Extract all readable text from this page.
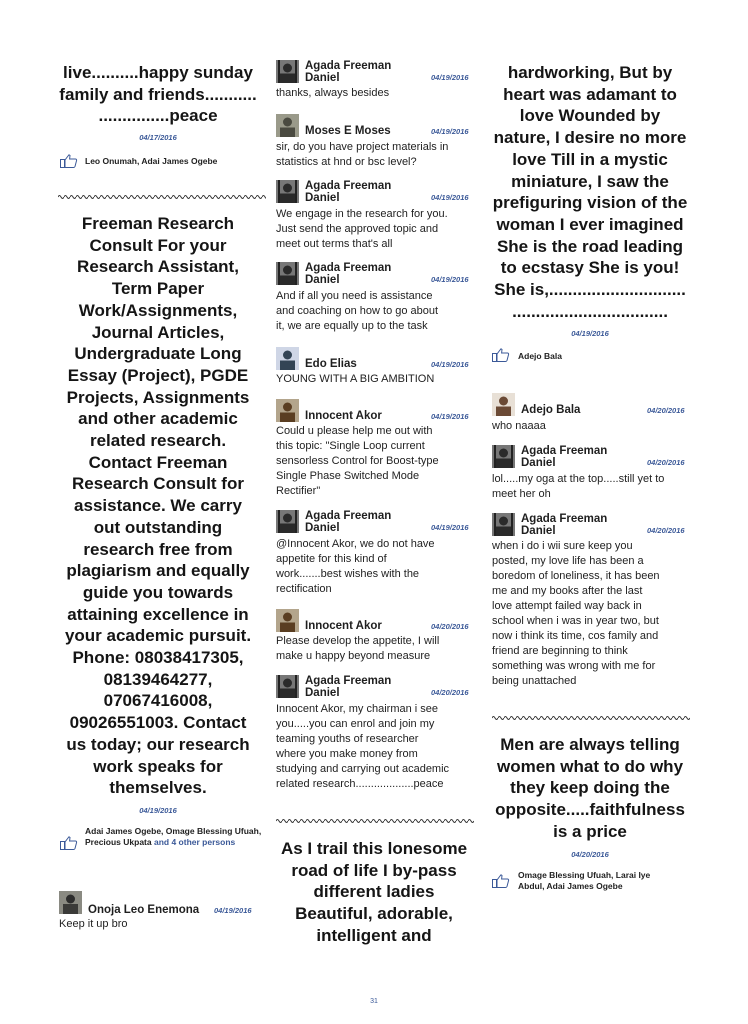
live..........happy sunday
family and friends...........
...............peace
04/17/2016
Leo Onumah, Adai James Ogebe
Freeman Research
Consult For your
Research Assistant,
Term Paper
Work/Assignments,
Journal Articles,
Undergraduate Long
Essay (Project), PGDE
Projects, Assignments
and other academic
related research.
Contact Freeman
Research Consult for
assistance. We carry
out outstanding
research free from
plagiarism and equally
guide you towards
attaining excellence in
your academic pursuit.
Phone: 08038417305,
08139464277,
07067416008,
09026551003. Contact
us today; our research
work speaks for
themselves.
04/19/2016
Adai James Ogebe, Omage Blessing Ufuah, Precious Ukpata and 4 other persons
Onoja Leo Enemona 04/19/2016
Keep it up bro
Agada Freeman
Daniel	04/19/2016
thanks, always besides
Moses E Moses	04/19/2016
sir, do you have project materials in
statistics at hnd or bsc level?
Agada Freeman
Daniel	04/19/2016
We engage in the research for you.
Just send the approved topic and
meet out terms that's all
Agada Freeman
Daniel	04/19/2016
And if all you need is assistance
and coaching on how to go about
it, we are equally up to the task
Edo Elias	04/19/2016
YOUNG WITH A BIG AMBITION
Innocent Akor	04/19/2016
Could u please help me out with
this topic: "Single Loop current
sensorless Control for Boost-type
Single Phase Switched Mode
Rectifier"
Agada Freeman
Daniel	04/19/2016
@Innocent Akor, we do not have
appetite for this kind of
work.......best wishes with the
rectification
Innocent Akor	04/20/2016
Please develop the appetite, I will
make u happy beyond measure
Agada Freeman
Daniel	04/20/2016
Innocent Akor, my chairman i see
you.....you can enrol and join my
teaming youths of researcher
where you make money from
studying and carrying out academic
related research...................peace
As I trail this lonesome
road of life I by-pass
different ladies
Beautiful, adorable,
intelligent and
hardworking, But by
heart was adamant to
love Wounded by
nature, I desire no more
love Till in a mystic
miniature, I saw the
prefiguring vision of the
woman I ever imagined
She is the road leading
to ecstasy She is you!
She is,.............................
.................................
04/19/2016
Adejo Bala
Adejo Bala	04/20/2016
who naaaa
Agada Freeman
Daniel	04/20/2016
lol.....my oga at the top.....still yet to
meet her oh
Agada Freeman
Daniel	04/20/2016
when i do i wii sure keep you
posted, my love life has been a
boredom of loneliness, it has been
me and my books after the last
love attempt failed way back in
school when i was in year two, but
now i think its time, cos family and
friend are beginning to think
something was wrong with me for
being unattached
Men are always telling
women what to do why
they keep doing the
opposite.....faithfulness
is a price
04/20/2016
Omage Blessing Ufuah, Larai Iye
Abdul, Adai James Ogebe
31
